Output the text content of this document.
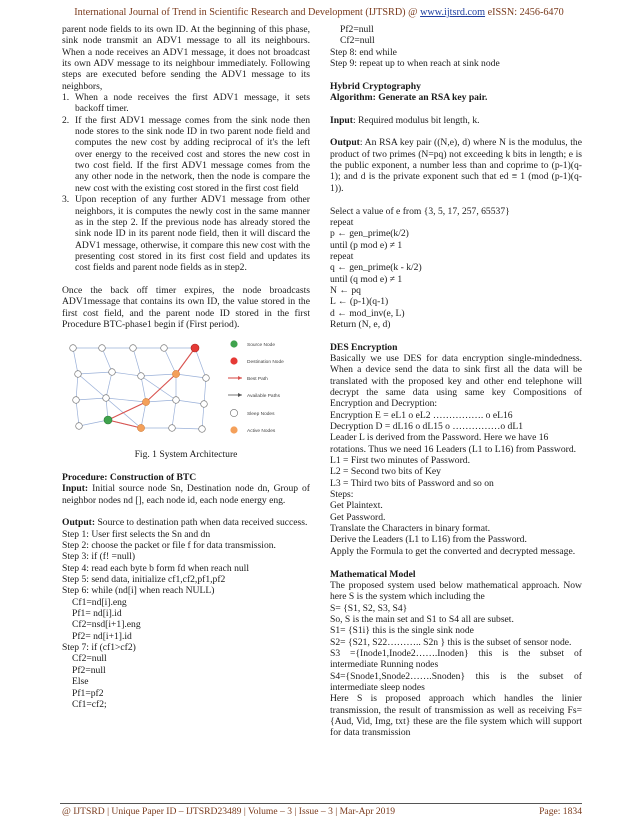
International Journal of Trend in Scientific Research and Development (IJTSRD) @ www.ijtsrd.com eISSN: 2456-6470

parent node fields to its own ID. At the beginning of this phase, sink node transmit an ADV1 message to all its neighbours. When a node receives an ADV1 message, it does not broadcast its own ADV message to its neighbour immediately. Following steps are executed before sending the ADV1 message to its neighbors,

1. When a node receives the first ADV1 message, it sets backoff timer.
2. If the first ADV1 message comes from the sink node then node stores to the sink node ID in two parent node field and computes the new cost by adding reciprocal of it's the left over energy to the received cost and stores the new cost in two cost field. If the first ADV1 message comes from the any other node in the network, then the node is compare the new cost with the existing cost stored in the first cost field
3. Upon reception of any further ADV1 message from other neighbors, it is computes the newly cost in the same manner as in the step 2. If the previous node has already stored the sink node ID in its parent node field, then it will discard the ADV1 message, otherwise, it compare this new cost with the presenting cost stored in its first cost field and updates its cost fields and parent node fields as in step2.

Once the back off timer expires, the node broadcasts ADV1message that contains its own ID, the value stored in the first cost field, and the parent node ID stored in the first Procedure BTC-phase1 begin if (First period).

Source Node
Destination Node
Best Path
Available Paths
Sleep Nodes
Active Nodes

Fig. 1 System Architecture

Procedure: Construction of BTC

Input: Initial source node Sn, Destination node dn, Group of neighbor nodes nd [], each node id, each node energy eng.

Output: Source to destination path when data received success.

Step 1: User first selects the Sn and dn

Step 2: choose the packet or file f for data transmission.

Step 3: if (f! =null)

Step 4: read each byte b form fd when reach null

Step 5: send data, initialize cf1,cf2,pf1,pf2

Step 6: while (nd[i] when reach NULL)

Cf1=nd[i].eng

Pf1= nd[i].id

Cf2=nsd[i+1].eng

Pf2= nd[i+1].id

Step 7: if (cf1>cf2)

Cf2=null

Pf2=null

Else

Pf1=pf2

Cf1=cf2;

Pf2=null

Cf2=null

Step 8: end while

Step 9: repeat up to when reach at sink node

Hybrid Cryptography

Algorithm: Generate an RSA key pair.

Input: Required modulus bit length, k.

Output: An RSA key pair ((N,e), d) where N is the modulus, the product of two primes (N=pq) not exceeding k bits in length; e is the public exponent, a number less than and coprime to (p-1)(q-1); and d is the private exponent such that ed ≡ 1 (mod (p-1)(q-1)).

Select a value of e from {3, 5, 17, 257, 65537}

repeat

p ← gen_prime(k/2)

until (p mod e) ≠ 1

repeat

q ← gen_prime(k - k/2)

until (q mod e) ≠ 1

N ← pq

L ← (p-1)(q-1)

d ← mod_inv(e, L)

Return (N, e, d)

DES Encryption

Basically we use DES for data encryption single-mindedness. When a device send the data to sink first all the data will be translated with the proposed key and other end telephone will decrypt the same data using same key Compositions of Encryption and Decryption:

Encryption E = eL1 o eL2 ……………. o eL16

Decryption D = dL16 o dL15 o ……………o dL1

Leader L is derived from the Password. Here we have 16 rotations. Thus we need 16 Leaders (L1 to L16) from Password.

L1 = First two minutes of Password.

L2 = Second two bits of Key

L3 = Third two bits of Password and so on

Steps:

Get Plaintext.

Get Password.

Translate the Characters in binary format.

Derive the Leaders (L1 to L16) from the Password.

Apply the Formula to get the converted and decrypted message.

Mathematical Model

The proposed system used below mathematical approach. Now here S is the system which including the

S= {S1, S2, S3, S4}

So, S is the main set and S1 to S4 all are subset.

S1= {S1i} this is the single sink node

S2= {S21, S22……….. S2n } this is the subset of sensor node.

S3 ={Inode1,Inode2…….Inoden} this is the subset of intermediate Running nodes

S4={Snode1,Snode2…….Snoden} this is the subset of intermediate sleep nodes

Here S is proposed approach which handles the linier transmission, the result of transmission as well as receiving Fs= {Aud, Vid, Img, txt} these are the file system which will support for data transmission

@ IJTSRD | Unique Paper ID – IJTSRD23489 | Volume – 3 | Issue – 3 | Mar-Apr 2019	Page: 1834
